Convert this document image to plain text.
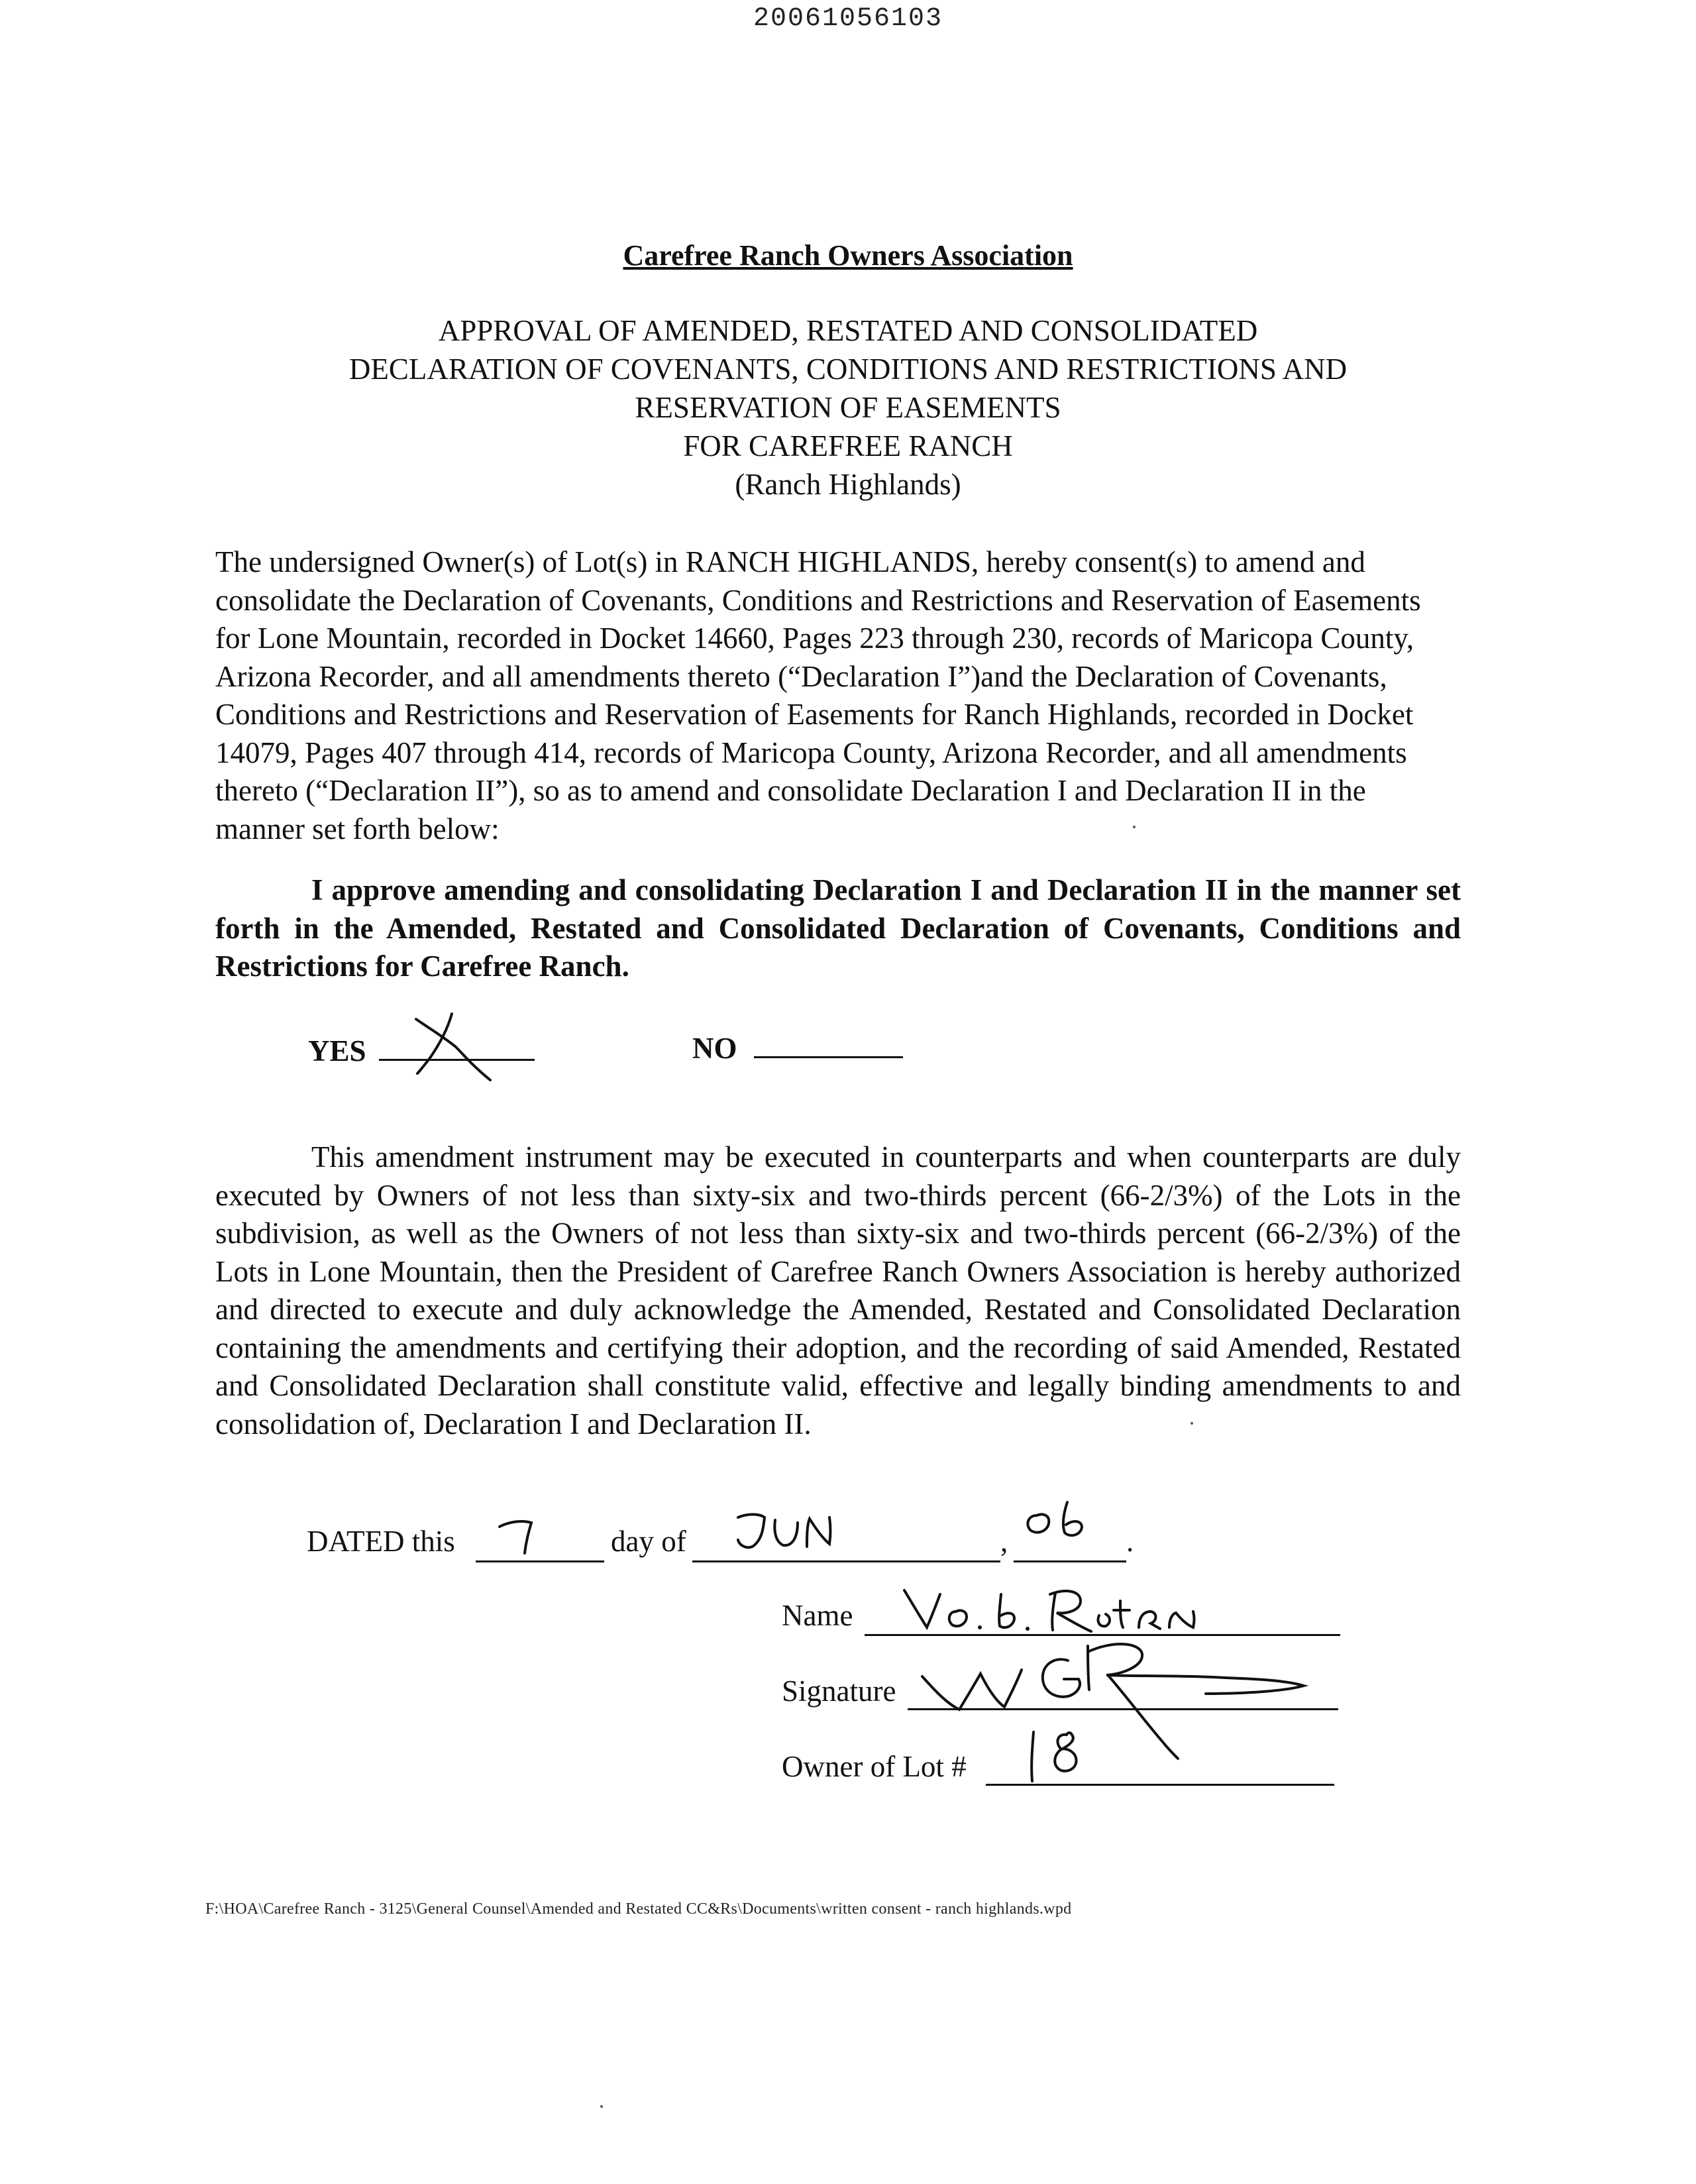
20061056103
Carefree Ranch Owners Association
APPROVAL OF AMENDED, RESTATED AND CONSOLIDATED
DECLARATION OF COVENANTS, CONDITIONS AND RESTRICTIONS AND
RESERVATION OF EASEMENTS
FOR CAREFREE RANCH
(Ranch Highlands)
The undersigned Owner(s) of Lot(s) in RANCH HIGHLANDS, hereby consent(s) to amend and
consolidate the Declaration of Covenants, Conditions and Restrictions and Reservation of Easements
for Lone Mountain, recorded in Docket 14660, Pages 223 through 230, records of Maricopa County,
Arizona Recorder, and all amendments thereto (“Declaration I”)and the Declaration of Covenants,
Conditions and Restrictions and Reservation of Easements for Ranch Highlands, recorded in Docket
14079, Pages 407 through 414, records of Maricopa County, Arizona Recorder, and all amendments
thereto (“Declaration II”), so as to amend and consolidate Declaration I and Declaration II in the
manner set forth below:
I approve amending and consolidating Declaration I and Declaration II in the manner set forth in the Amended, Restated and Consolidated Declaration of Covenants, Conditions and Restrictions for Carefree Ranch.
YES	NO
This amendment instrument may be executed in counterparts and when counterparts are duly executed by Owners of not less than sixty-six and two-thirds percent (66-2/3%) of the Lots in the subdivision, as well as the Owners of not less than sixty-six and two-thirds percent (66-2/3%) of the Lots in Lone Mountain, then the President of Carefree Ranch Owners Association is hereby authorized and directed to execute and duly acknowledge the Amended, Restated and Consolidated Declaration containing the amendments and certifying their adoption, and the recording of said Amended, Restated and Consolidated Declaration shall constitute valid, effective and legally binding amendments to and consolidation of, Declaration I and Declaration II.
DATED this	day of	,	.
Name
Signature
Owner of Lot #
F:\HOA\Carefree Ranch - 3125\General Counsel\Amended and Restated CC&Rs\Documents\written consent - ranch highlands.wpd
